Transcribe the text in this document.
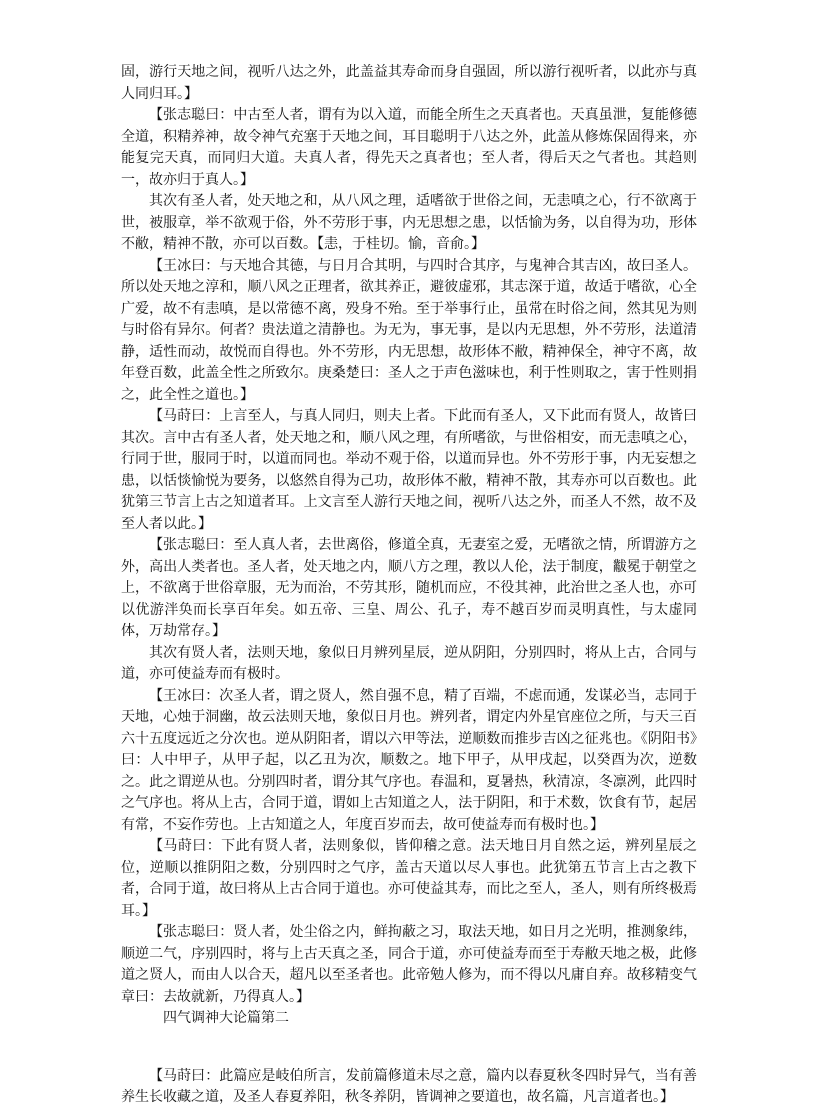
固，游行天地之间，视听八达之外，此盖益其寿命而身自强固，所以游行视听者，以此亦与真人同归耳。】

【张志聪曰：中古至人者，谓有为以入道，而能全所生之天真者也。天真虽泄，复能修德全道，积精养神，故令神气充塞于天地之间，耳目聪明于八达之外，此盖从修炼保固得来，亦能复完天真，而同归大道。夫真人者，得先天之真者也；至人者，得后天之气者也。其趋则一，故亦归于真人。】

其次有圣人者，处天地之和，从八风之理，适嗜欲于世俗之间，无恚嗔之心，行不欲离于世，被服章，举不欲观于俗，外不劳形于事，内无思想之患，以恬愉为务，以自得为功，形体不敝，精神不散，亦可以百数。【恚，于桂切。愉，音俞。】

【王冰曰：与天地合其德，与日月合其明，与四时合其序，与鬼神合其吉凶，故曰圣人。所以处天地之淳和，顺八风之正理者，欲其养正，避彼虚邪，其志深于道，故适于嗜欲，心全广爱，故不有恚嗔，是以常德不离，殁身不殆。至于举事行止，虽常在时俗之间，然其见为则与时俗有异尔。何者？贵法道之清静也。为无为，事无事，是以内无思想，外不劳形，法道清静，适性而动，故悦而自得也。外不劳形，内无思想，故形体不敝，精神保全，神守不离，故年登百数，此盖全性之所致尔。庚桑楚曰：圣人之于声色滋味也，利于性则取之，害于性则捐之，此全性之道也。】

【马莳曰：上言至人，与真人同归，则夫上者。下此而有圣人，又下此而有贤人，故皆曰其次。言中古有圣人者，处天地之和，顺八风之理，有所嗜欲，与世俗相安，而无恚嗔之心，行同于世，服同于时，以道而同也。举动不观于俗，以道而异也。外不劳形于事，内无妄想之患，以恬惔愉悦为要务，以悠然自得为己功，故形体不敝，精神不散，其寿亦可以百数也。此犹第三节言上古之知道者耳。上文言至人游行天地之间，视听八达之外，而圣人不然，故不及至人者以此。】

【张志聪曰：至人真人者，去世离俗，修道全真，无妻室之爱，无嗜欲之情，所谓游方之外，高出人类者也。圣人者，处天地之内，顺八方之理，教以人伦，法于制度，黻冕于朝堂之上，不欲离于世俗章服，无为而治，不劳其形，随机而应，不役其神，此治世之圣人也，亦可以优游泮奂而长享百年矣。如五帝、三皇、周公、孔子，寿不越百岁而灵明真性，与太虚同体，万劫常存。】

其次有贤人者，法则天地，象似日月辨列星辰，逆从阴阳，分别四时，将从上古，合同与道，亦可使益寿而有极时。

【王冰曰：次圣人者，谓之贤人，然自强不息，精了百端，不虑而通，发谋必当，志同于天地，心烛于洞幽，故云法则天地，象似日月也。辨列者，谓定内外星官座位之所，与天三百六十五度远近之分次也。逆从阴阳者，谓以六甲等法，逆顺数而推步吉凶之征兆也。《阴阳书》曰：人中甲子，从甲子起，以乙丑为次，顺数之。地下甲子，从甲戌起，以癸酉为次，逆数之。此之谓逆从也。分别四时者，谓分其气序也。春温和，夏暑热，秋清凉，冬凛冽，此四时之气序也。将从上古，合同于道，谓如上古知道之人，法于阴阳，和于术数，饮食有节，起居有常，不妄作劳也。上古知道之人，年度百岁而去，故可使益寿而有极时也。】

【马莳曰：下此有贤人者，法则象似，皆仰稽之意。法天地日月自然之运，辨列星辰之位，逆顺以推阴阳之数，分别四时之气序，盖古天道以尽人事也。此犹第五节言上古之教下者，合同于道，故曰将从上古合同于道也。亦可使益其寿，而比之至人，圣人，则有所终极焉耳。】

【张志聪曰：贤人者，处尘俗之内，鲜拘蔽之习，取法天地，如日月之光明，推测象纬，顺逆二气，序别四时，将与上古天真之圣，同合于道，亦可使益寿而至于寿敝天地之极，此修道之贤人，而由人以合天，超凡以至圣者也。此帝勉人修为，而不得以凡庸自弃。故移精变气章曰：去故就新，乃得真人。】

四气调神大论篇第二

【马莳曰：此篇应是岐伯所言，发前篇修道未尽之意，篇内以春夏秋冬四时异气，当有善养生长收藏之道，及圣人春夏养阳，秋冬养阴，皆调神之要道也，故名篇，凡言道者也。】
